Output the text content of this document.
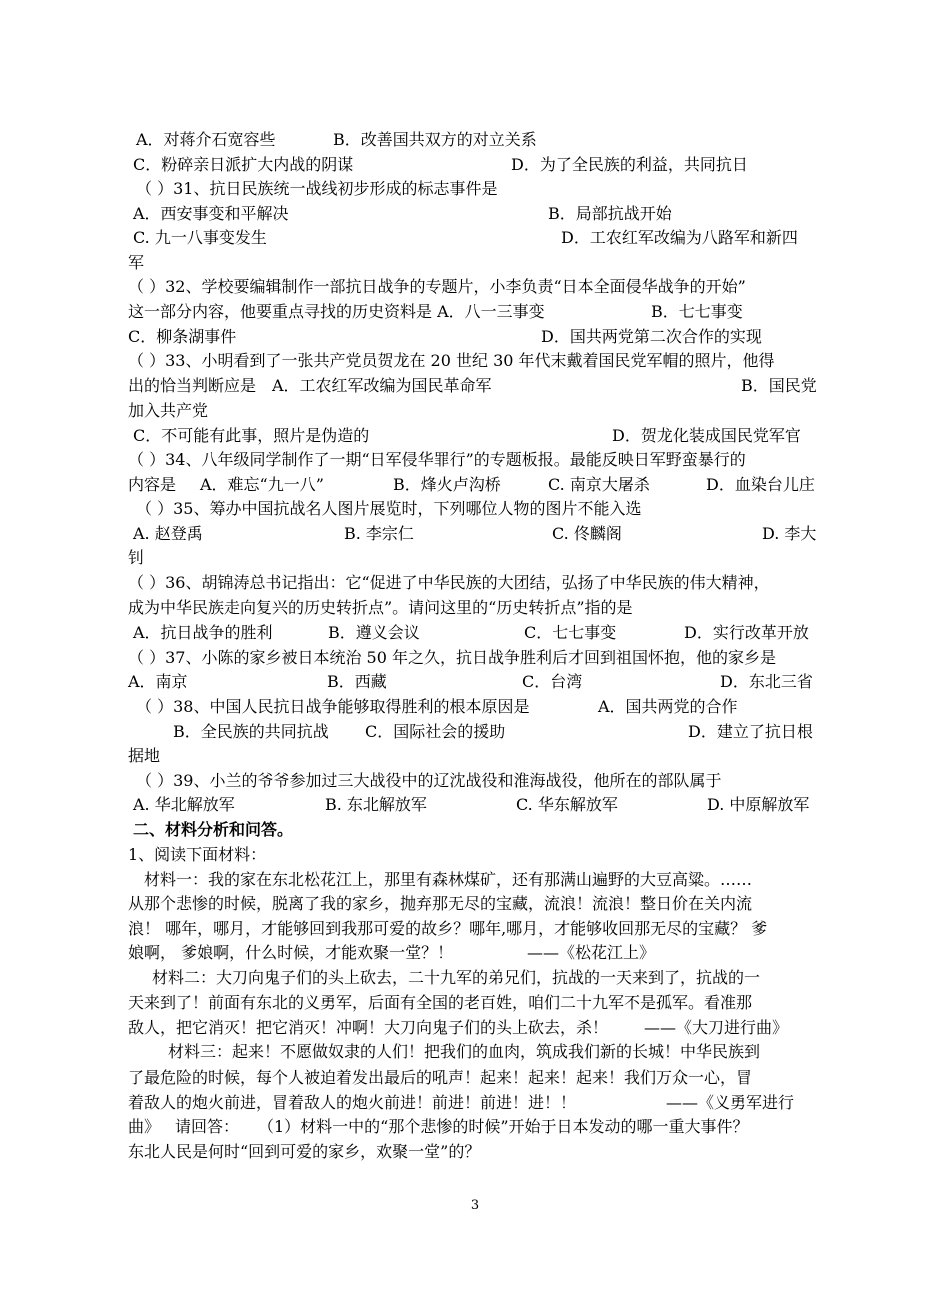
A．对蒋介石宽容些	B．改善国共双方的对立关系
C．粉碎亲日派扩大内战的阴谋	D．为了全民族的利益，共同抗日
（ ）31、抗日民族统一战线初步形成的标志事件是
A．西安事变和平解决	B．局部抗战开始
C. 九一八事变发生	D．工农红军改编为八路军和新四
军
（ ）32、学校要编辑制作一部抗日战争的专题片，小李负责“日本全面侵华战争的开始”
这一部分内容，他要重点寻找的历史资料是 A．八一三事变	B．七七事变
C．柳条湖事件	D．国共两党第二次合作的实现
（ ）33、小明看到了一张共产党员贺龙在 20 世纪 30 年代末戴着国民党军帽的照片，他得
出的恰当判断应是　A．工农红军改编为国民革命军	B．国民党
加入共产党
C．不可能有此事，照片是伪造的	D．贺龙化装成国民党军官
（ ）34、八年级同学制作了一期“日军侵华罪行”的专题板报。最能反映日军野蛮暴行的
内容是 A．难忘“九一八”	B．烽火卢沟桥	C. 南京大屠杀	D．血染台儿庄
（ ）35、筹办中国抗战名人图片展览时，下列哪位人物的图片不能入选
A. 赵登禹	B. 李宗仁	C. 佟麟阁	D. 李大
钊
（ ）36、胡锦涛总书记指出：它“促进了中华民族的大团结，弘扬了中华民族的伟大精神，
成为中华民族走向复兴的历史转折点”。请问这里的“历史转折点”指的是
A．抗日战争的胜利	B．遵义会议	C．七七事变	D．实行改革开放
（ ）37、小陈的家乡被日本统治 50 年之久，抗日战争胜利后才回到祖国怀抱，他的家乡是
A．南京	B．西藏	C．台湾	D．东北三省
（ ）38、中国人民抗日战争能够取得胜利的根本原因是	A．国共两党的合作
B．全民族的共同抗战 C．国际社会的援助	D．建立了抗日根
据地
（ ）39、小兰的爷爷参加过三大战役中的辽沈战役和淮海战役，他所在的部队属于
A. 华北解放军	B. 东北解放军	C. 华东解放军	D. 中原解放军
二、材料分析和问答。
1、阅读下面材料：
材料一：我的家在东北松花江上，那里有森林煤矿，还有那满山遍野的大豆高粱。……
从那个悲惨的时候，脱离了我的家乡，抛弃那无尽的宝藏，流浪！流浪！整日价在关内流
浪！ 哪年，哪月，才能够回到我那可爱的故乡？哪年,哪月，才能够收回那无尽的宝藏？ 爹
娘啊， 爹娘啊，什么时候，才能欢聚一堂？！	——《松花江上》
材料二：大刀向鬼子们的头上砍去，二十九军的弟兄们，抗战的一天来到了，抗战的一
天来到了！前面有东北的义勇军，后面有全国的老百姓，咱们二十九军不是孤军。看准那
敌人，把它消灭！把它消灭！冲啊！大刀向鬼子们的头上砍去，杀！ ——《大刀进行曲》
材料三：起来！不愿做奴隶的人们！把我们的血肉，筑成我们新的长城！中华民族到
了最危险的时候，每个人被迫着发出最后的吼声！起来！起来！起来！我们万众一心，冒
着敌人的炮火前进，冒着敌人的炮火前进！前进！前进！进！！	——《义勇军进行
曲》 请回答： （1）材料一中的“那个悲惨的时候”开始于日本发动的哪一重大事件？
东北人民是何时“回到可爱的家乡，欢聚一堂”的？
3
